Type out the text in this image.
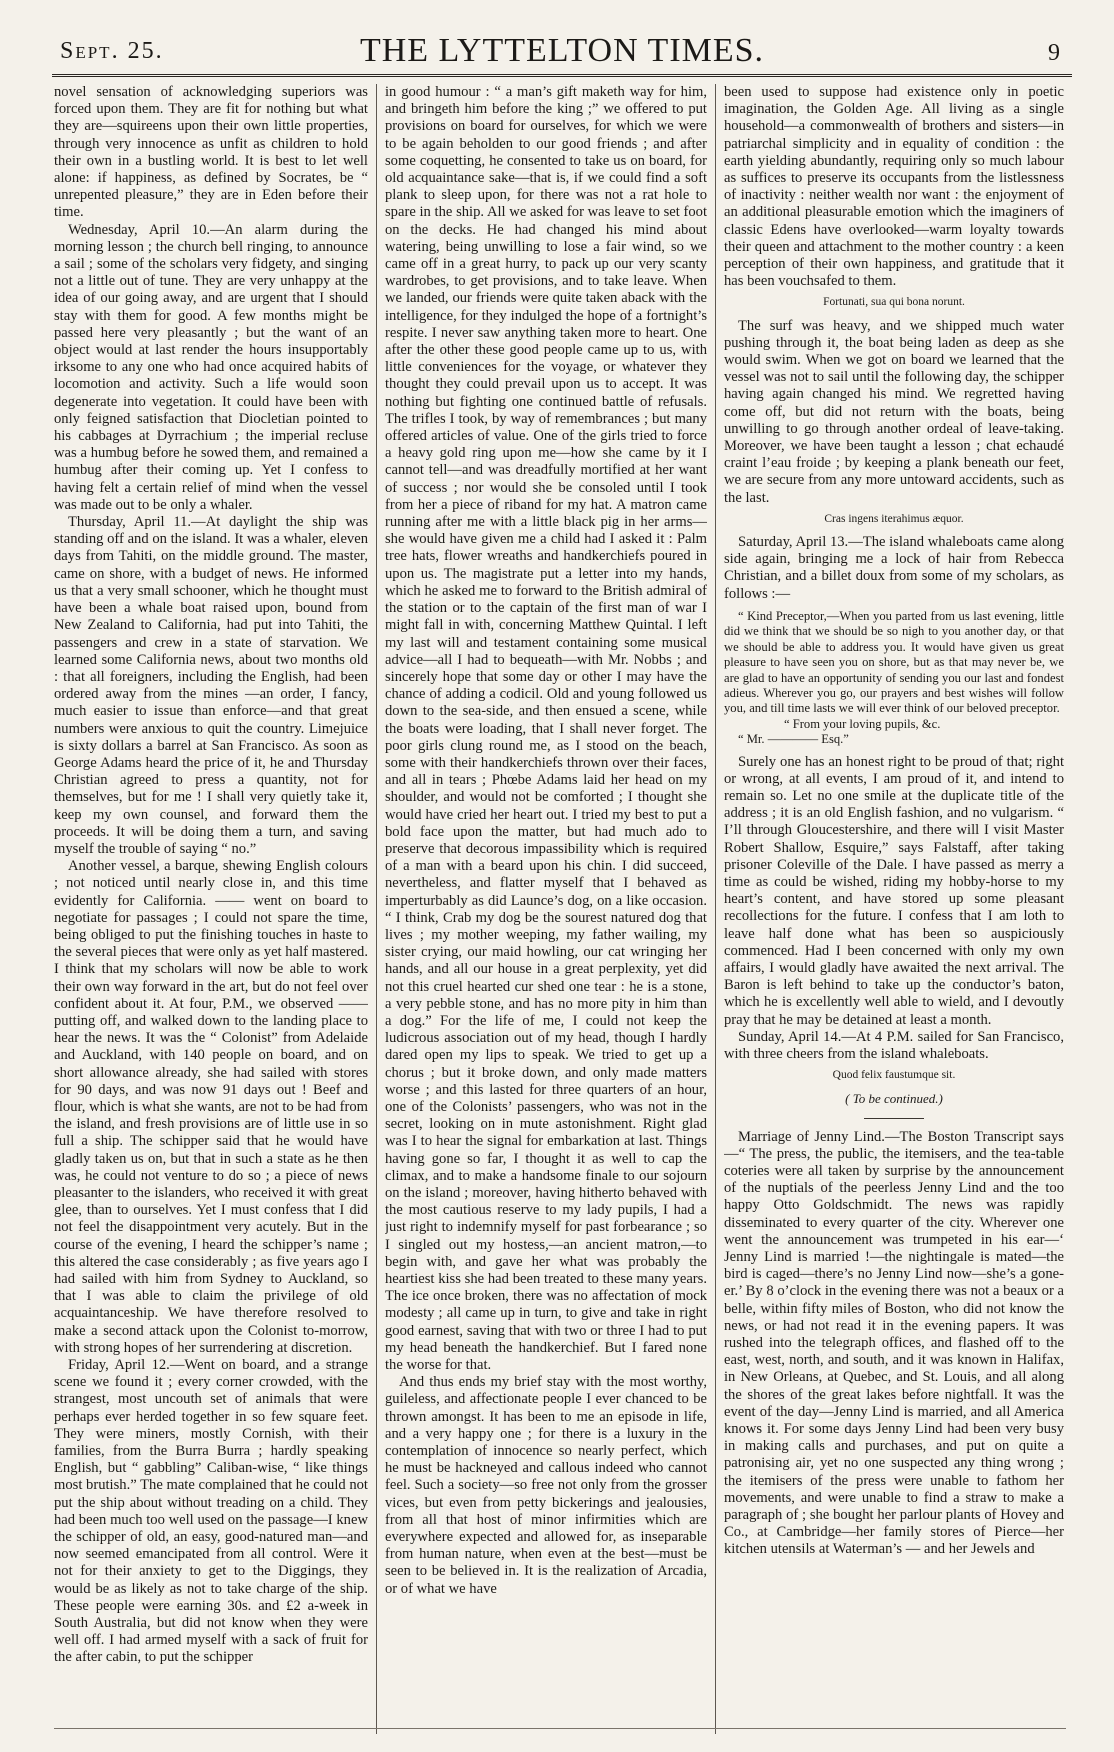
Sept. 25.	THE LYTTELTON TIMES.	9

novel sensation of acknowledging superiors was forced upon them. They are fit for nothing but what they are—squireens upon their own little properties, through very innocence as unfit as children to hold their own in a bustling world. It is best to let well alone: if happiness, as defined by Socrates, be “ unrepented pleasure,” they are in Eden before their time.

Wednesday, April 10.—An alarm during the morning lesson ; the church bell ringing, to announce a sail ; some of the scholars very fidgety, and singing not a little out of tune. They are very unhappy at the idea of our going away, and are urgent that I should stay with them for good. A few months might be passed here very pleasantly ; but the want of an object would at last render the hours insupportably irksome to any one who had once acquired habits of locomotion and activity. Such a life would soon degenerate into vegetation. It could have been with only feigned satisfaction that Diocletian pointed to his cabbages at Dyrrachium ; the imperial recluse was a humbug before he sowed them, and remained a humbug after their coming up. Yet I confess to having felt a certain relief of mind when the vessel was made out to be only a whaler.

Thursday, April 11.—At daylight the ship was standing off and on the island. It was a whaler, eleven days from Tahiti, on the middle ground. The master, came on shore, with a budget of news. He informed us that a very small schooner, which he thought must have been a whale boat raised upon, bound from New Zealand to California, had put into Tahiti, the passengers and crew in a state of starvation. We learned some California news, about two months old : that all foreigners, including the English, had been ordered away from the mines —an order, I fancy, much easier to issue than enforce—and that great numbers were anxious to quit the country. Limejuice is sixty dollars a barrel at San Francisco. As soon as George Adams heard the price of it, he and Thursday Christian agreed to press a quantity, not for themselves, but for me ! I shall very quietly take it, keep my own counsel, and forward them the proceeds. It will be doing them a turn, and saving myself the trouble of saying “ no.”

Another vessel, a barque, shewing English colours ; not noticed until nearly close in, and this time evidently for California. —— went on board to negotiate for passages ; I could not spare the time, being obliged to put the finishing touches in haste to the several pieces that were only as yet half mastered. I think that my scholars will now be able to work their own way forward in the art, but do not feel over confident about it. At four, P.M., we observed —— putting off, and walked down to the landing place to hear the news. It was the “ Colonist” from Adelaide and Auckland, with 140 people on board, and on short allowance already, she had sailed with stores for 90 days, and was now 91 days out ! Beef and flour, which is what she wants, are not to be had from the island, and fresh provisions are of little use in so full a ship. The schipper said that he would have gladly taken us on, but that in such a state as he then was, he could not venture to do so ; a piece of news pleasanter to the islanders, who received it with great glee, than to ourselves. Yet I must confess that I did not feel the disappointment very acutely. But in the course of the evening, I heard the schipper’s name ; this altered the case considerably ; as five years ago I had sailed with him from Sydney to Auckland, so that I was able to claim the privilege of old acquaintanceship. We have therefore resolved to make a second attack upon the Colonist to-morrow, with strong hopes of her surrendering at discretion.

Friday, April 12.—Went on board, and a strange scene we found it ; every corner crowded, with the strangest, most uncouth set of animals that were perhaps ever herded together in so few square feet. They were miners, mostly Cornish, with their families, from the Burra Burra ; hardly speaking English, but “ gabbling” Caliban-wise, “ like things most brutish.” The mate complained that he could not put the ship about without treading on a child. They had been much too well used on the passage—I knew the schipper of old, an easy, good-natured man—and now seemed emancipated from all control. Were it not for their anxiety to get to the Diggings, they would be as likely as not to take charge of the ship. These people were earning 30s. and £2 a-week in South Australia, but did not know when they were well off. I had armed myself with a sack of fruit for the after cabin, to put the schipper

in good humour : “ a man’s gift maketh way for him, and bringeth him before the king ;” we offered to put provisions on board for ourselves, for which we were to be again beholden to our good friends ; and after some coquetting, he consented to take us on board, for old acquaintance sake—that is, if we could find a soft plank to sleep upon, for there was not a rat hole to spare in the ship. All we asked for was leave to set foot on the decks. He had changed his mind about watering, being unwilling to lose a fair wind, so we came off in a great hurry, to pack up our very scanty wardrobes, to get provisions, and to take leave. When we landed, our friends were quite taken aback with the intelligence, for they indulged the hope of a fortnight’s respite. I never saw anything taken more to heart. One after the other these good people came up to us, with little conveniences for the voyage, or whatever they thought they could prevail upon us to accept. It was nothing but fighting one continued battle of refusals. The trifles I took, by way of remembrances ; but many offered articles of value. One of the girls tried to force a heavy gold ring upon me—how she came by it I cannot tell—and was dreadfully mortified at her want of success ; nor would she be consoled until I took from her a piece of riband for my hat. A matron came running after me with a little black pig in her arms—she would have given me a child had I asked it : Palm tree hats, flower wreaths and handkerchiefs poured in upon us. The magistrate put a letter into my hands, which he asked me to forward to the British admiral of the station or to the captain of the first man of war I might fall in with, concerning Matthew Quintal. I left my last will and testament containing some musical advice—all I had to bequeath—with Mr. Nobbs ; and sincerely hope that some day or other I may have the chance of adding a codicil. Old and young followed us down to the sea-side, and then ensued a scene, while the boats were loading, that I shall never forget. The poor girls clung round me, as I stood on the beach, some with their handkerchiefs thrown over their faces, and all in tears ; Phœbe Adams laid her head on my shoulder, and would not be comforted ; I thought she would have cried her heart out. I tried my best to put a bold face upon the matter, but had much ado to preserve that decorous impassibility which is required of a man with a beard upon his chin. I did succeed, nevertheless, and flatter myself that I behaved as imperturbably as did Launce’s dog, on a like occasion. “ I think, Crab my dog be the sourest natured dog that lives ; my mother weeping, my father wailing, my sister crying, our maid howling, our cat wringing her hands, and all our house in a great perplexity, yet did not this cruel hearted cur shed one tear : he is a stone, a very pebble stone, and has no more pity in him than a dog.” For the life of me, I could not keep the ludicrous association out of my head, though I hardly dared open my lips to speak. We tried to get up a chorus ; but it broke down, and only made matters worse ; and this lasted for three quarters of an hour, one of the Colonists’ passengers, who was not in the secret, looking on in mute astonishment. Right glad was I to hear the signal for embarkation at last. Things having gone so far, I thought it as well to cap the climax, and to make a handsome finale to our sojourn on the island ; moreover, having hitherto behaved with the most cautious reserve to my lady pupils, I had a just right to indemnify myself for past forbearance ; so I singled out my hostess,—an ancient matron,—to begin with, and gave her what was probably the heartiest kiss she had been treated to these many years. The ice once broken, there was no affectation of mock modesty ; all came up in turn, to give and take in right good earnest, saving that with two or three I had to put my head beneath the handkerchief. But I fared none the worse for that.

And thus ends my brief stay with the most worthy, guileless, and affectionate people I ever chanced to be thrown amongst. It has been to me an episode in life, and a very happy one ; for there is a luxury in the contemplation of innocence so nearly perfect, which he must be hackneyed and callous indeed who cannot feel. Such a society—so free not only from the grosser vices, but even from petty bickerings and jealousies, from all that host of minor infirmities which are everywhere expected and allowed for, as inseparable from human nature, when even at the best—must be seen to be believed in. It is the realization of Arcadia, or of what we have

been used to suppose had existence only in poetic imagination, the Golden Age. All living as a single household—a commonwealth of brothers and sisters—in patriarchal simplicity and in equality of condition : the earth yielding abundantly, requiring only so much labour as suffices to preserve its occupants from the listlessness of inactivity : neither wealth nor want : the enjoyment of an additional pleasurable emotion which the imaginers of classic Edens have overlooked—warm loyalty towards their queen and attachment to the mother country : a keen perception of their own happiness, and gratitude that it has been vouchsafed to them.

Fortunati, sua qui bona norunt.

The surf was heavy, and we shipped much water pushing through it, the boat being laden as deep as she would swim. When we got on board we learned that the vessel was not to sail until the following day, the schipper having again changed his mind. We regretted having come off, but did not return with the boats, being unwilling to go through another ordeal of leave-taking. Moreover, we have been taught a lesson ; chat echaudé craint l’eau froide ; by keeping a plank beneath our feet, we are secure from any more untoward accidents, such as the last.

Cras ingens iterahimus æquor.

Saturday, April 13.—The island whaleboats came along side again, bringing me a lock of hair from Rebecca Christian, and a billet doux from some of my scholars, as follows :—

“ Kind Preceptor,—When you parted from us last evening, little did we think that we should be so nigh to you another day, or that we should be able to address you. It would have given us great pleasure to have seen you on shore, but as that may never be, we are glad to have an opportunity of sending you our last and fondest adieus. Wherever you go, our prayers and best wishes will follow you, and till time lasts we will ever think of our beloved preceptor.

“ From your loving pupils, &c.

“ Mr. ———— Esq.”

Surely one has an honest right to be proud of that; right or wrong, at all events, I am proud of it, and intend to remain so. Let no one smile at the duplicate title of the address ; it is an old English fashion, and no vulgarism. “ I’ll through Gloucestershire, and there will I visit Master Robert Shallow, Esquire,” says Falstaff, after taking prisoner Coleville of the Dale. I have passed as merry a time as could be wished, riding my hobby-horse to my heart’s content, and have stored up some pleasant recollections for the future. I confess that I am loth to leave half done what has been so auspiciously commenced. Had I been concerned with only my own affairs, I would gladly have awaited the next arrival. The Baron is left behind to take up the conductor’s baton, which he is excellently well able to wield, and I devoutly pray that he may be detained at least a month.

Sunday, April 14.—At 4 P.M. sailed for San Francisco, with three cheers from the island whaleboats.

Quod felix faustumque sit.

( To be continued.)

Marriage of Jenny Lind.—The Boston Transcript says—“ The press, the public, the itemisers, and the tea-table coteries were all taken by surprise by the announcement of the nuptials of the peerless Jenny Lind and the too happy Otto Goldschmidt. The news was rapidly disseminated to every quarter of the city. Wherever one went the announcement was trumpeted in his ear—‘ Jenny Lind is married !—the nightingale is mated—the bird is caged—there’s no Jenny Lind now—she’s a gone-er.’ By 8 o’clock in the evening there was not a beaux or a belle, within fifty miles of Boston, who did not know the news, or had not read it in the evening papers. It was rushed into the telegraph offices, and flashed off to the east, west, north, and south, and it was known in Halifax, in New Orleans, at Quebec, and St. Louis, and all along the shores of the great lakes before nightfall. It was the event of the day—Jenny Lind is married, and all America knows it. For some days Jenny Lind had been very busy in making calls and purchases, and put on quite a patronising air, yet no one suspected any thing wrong ; the itemisers of the press were unable to fathom her movements, and were unable to find a straw to make a paragraph of ; she bought her parlour plants of Hovey and Co., at Cambridge—her family stores of Pierce—her kitchen utensils at Waterman’s — and her Jewels and
